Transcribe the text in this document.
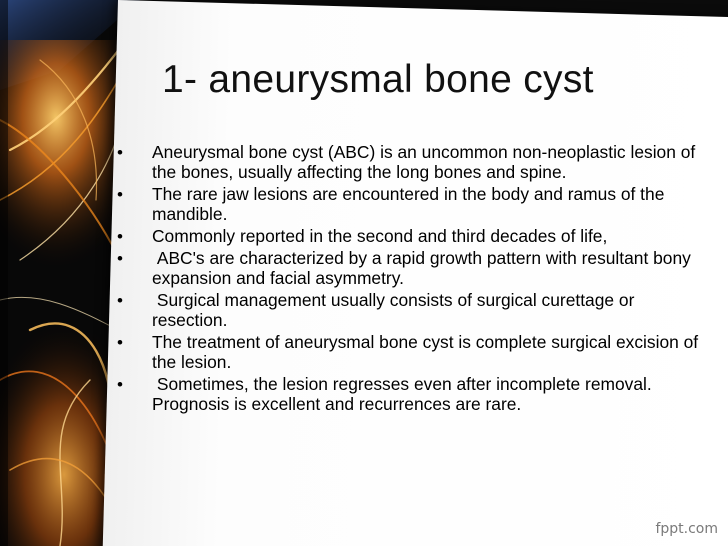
1- aneurysmal bone cyst
•	Aneurysmal bone cyst (ABC) is an uncommon non-neoplastic lesion of the bones, usually affecting the long bones and spine.
•	The rare jaw lesions are encountered in the body and ramus of the mandible.
•	Commonly reported in the second and third decades of life,
•	ABC's are characterized by a rapid growth pattern with resultant bony expansion and facial asymmetry.
•	Surgical management usually consists of surgical curettage or resection.
•	The treatment of aneurysmal bone cyst is complete surgical excision of the lesion.
•	Sometimes, the lesion regresses even after incomplete removal. Prognosis is excellent and recurrences are rare.
fppt.com
